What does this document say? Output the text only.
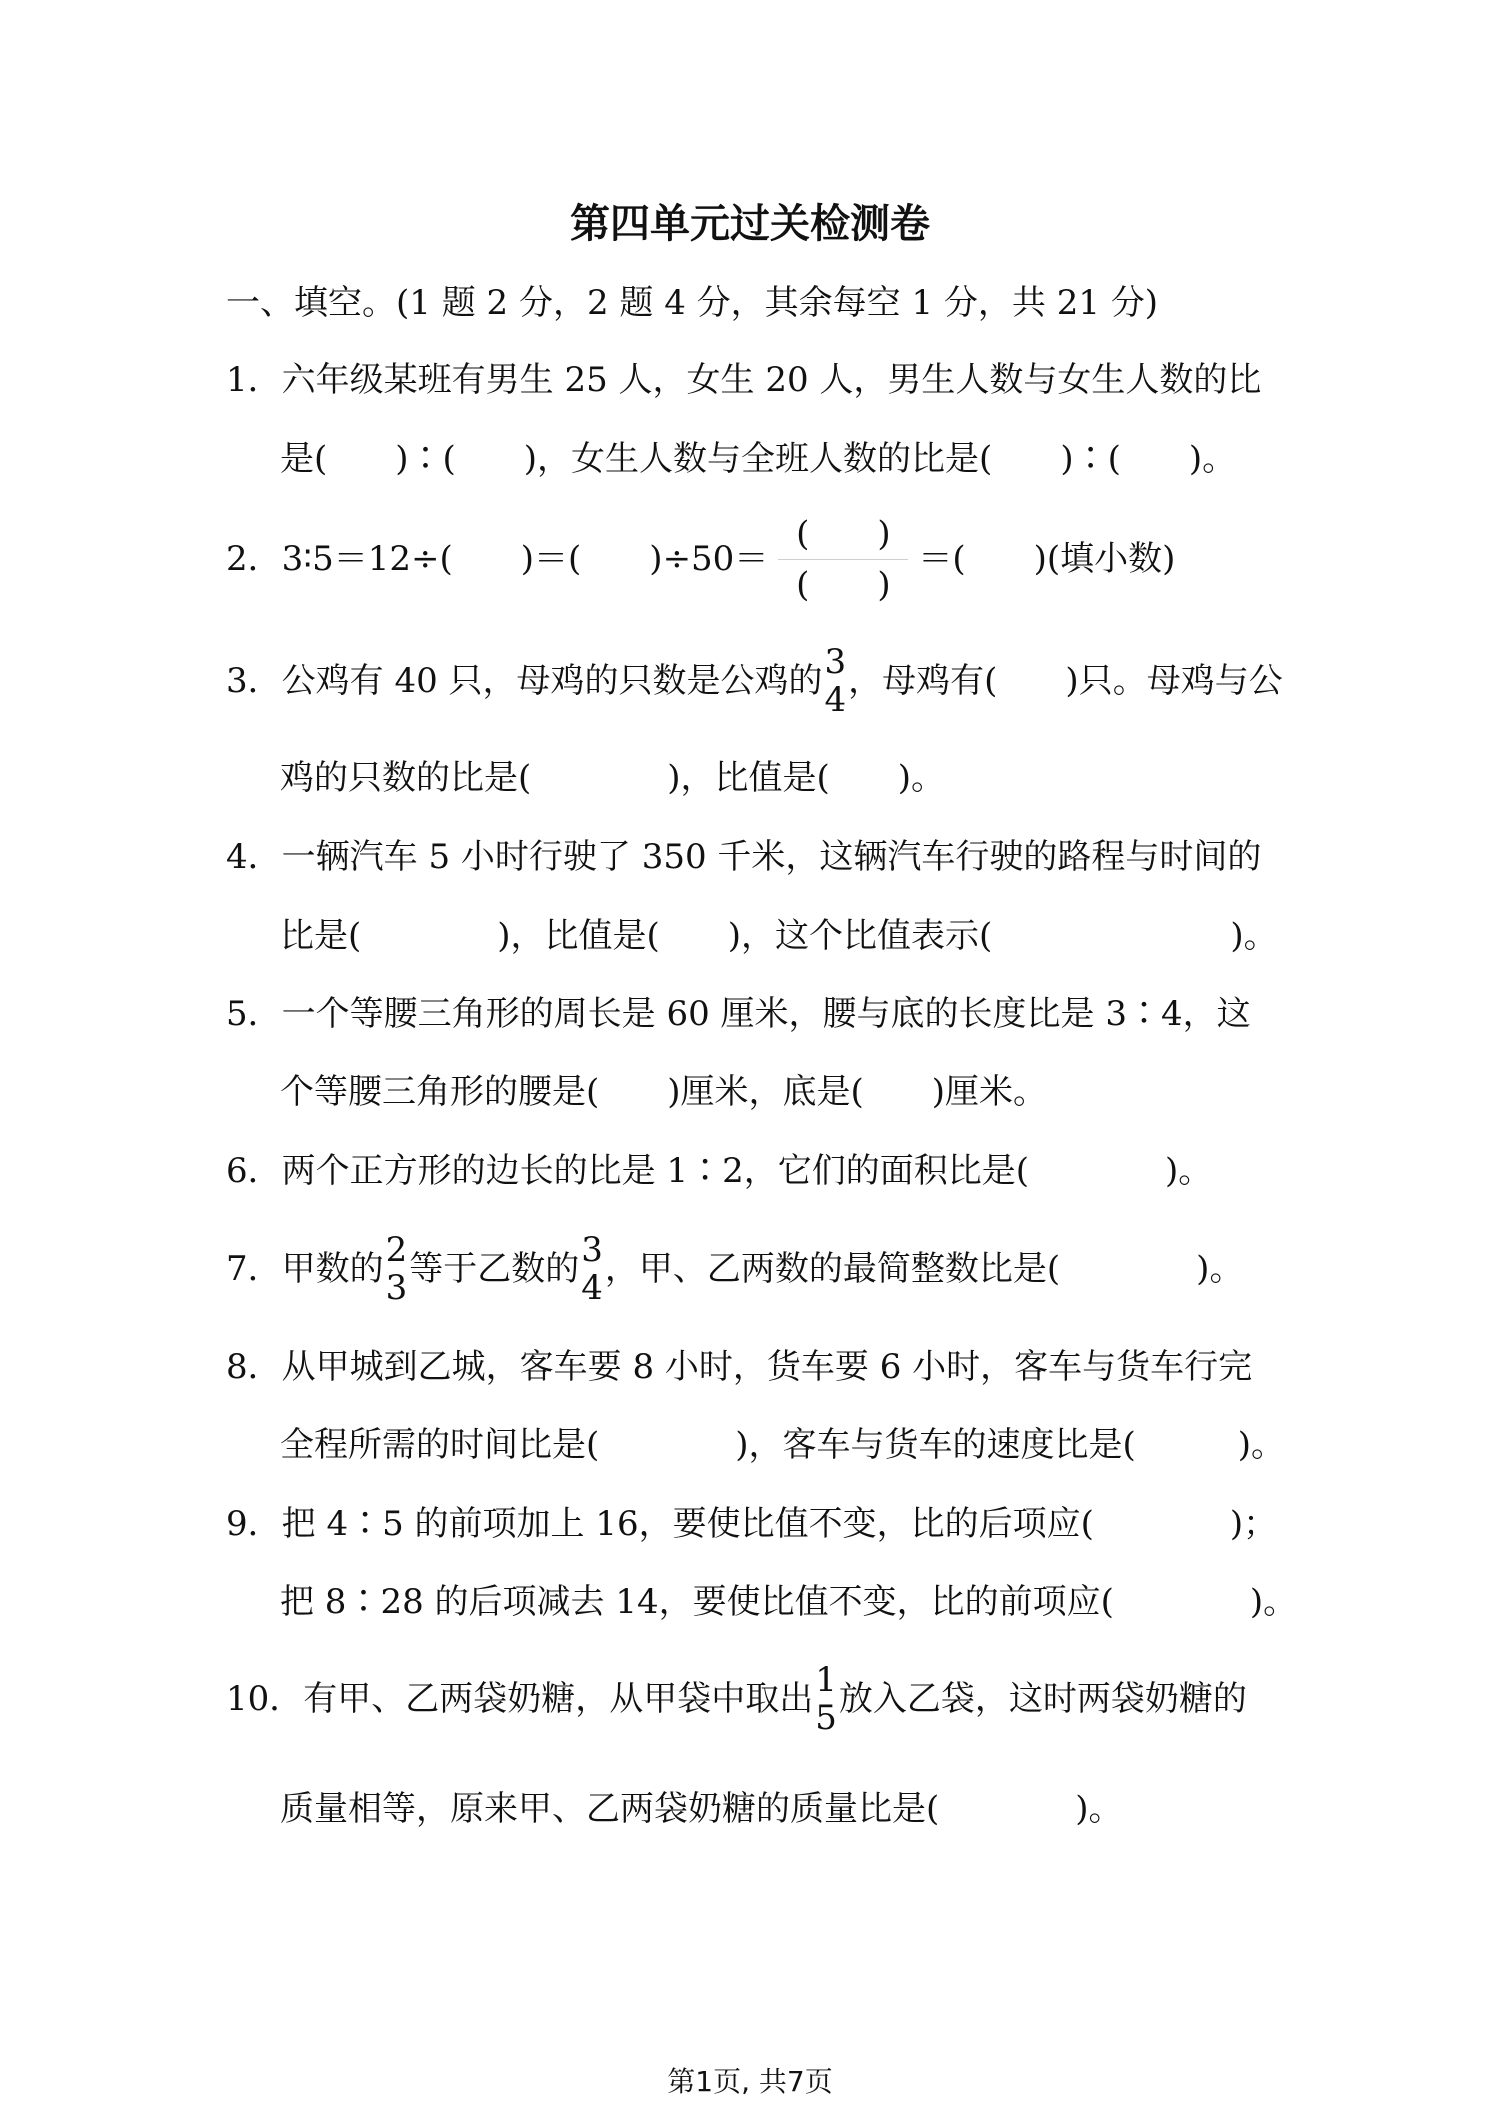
第四单元过关检测卷
一、填空。(1 题 2 分，2 题 4 分，其余每空 1 分，共 21 分)
1．六年级某班有男生 25 人，女生 20 人，男生人数与女生人数的比
是(　　)∶(　　)，女生人数与全班人数的比是(　　)∶(　　)。
2． 3∶5＝12÷(　　)＝(　　)÷50＝
(　　)
(　　)
＝(　　)(填小数)
3． 公鸡有 40 只，母鸡的只数是公鸡的 3
4 ，母鸡有(　　)只。母鸡与公
鸡的只数的比是(　　　　)，比值是(　　)。
4．一辆汽车 5 小时行驶了 350 千米，这辆汽车行驶的路程与时间的
比是(　　　　)，比值是(　　)，这个比值表示(　　　　　　　)。
5．一个等腰三角形的周长是 60 厘米，腰与底的长度比是 3∶4，这
个等腰三角形的腰是(　　)厘米，底是(　　)厘米。
6．两个正方形的边长的比是 1∶2，它们的面积比是(　　　　)。
7． 甲数的 2
3 等于乙数的 3
4 ，甲、乙两数的最简整数比是(　　　　)。
8．从甲城到乙城，客车要 8 小时，货车要 6 小时，客车与货车行完
全程所需的时间比是(　　　　)，客车与货车的速度比是(　　　)。
9．把 4∶5 的前项加上 16，要使比值不变，比的后项应(　　　　)；
把 8∶28 的后项减去 14，要使比值不变，比的前项应(　　　　)。
10． 有甲、乙两袋奶糖，从甲袋中取出 1
5 放入乙袋，这时两袋奶糖的
质量相等，原来甲、乙两袋奶糖的质量比是(　　　　)。
第1页, 共7页
